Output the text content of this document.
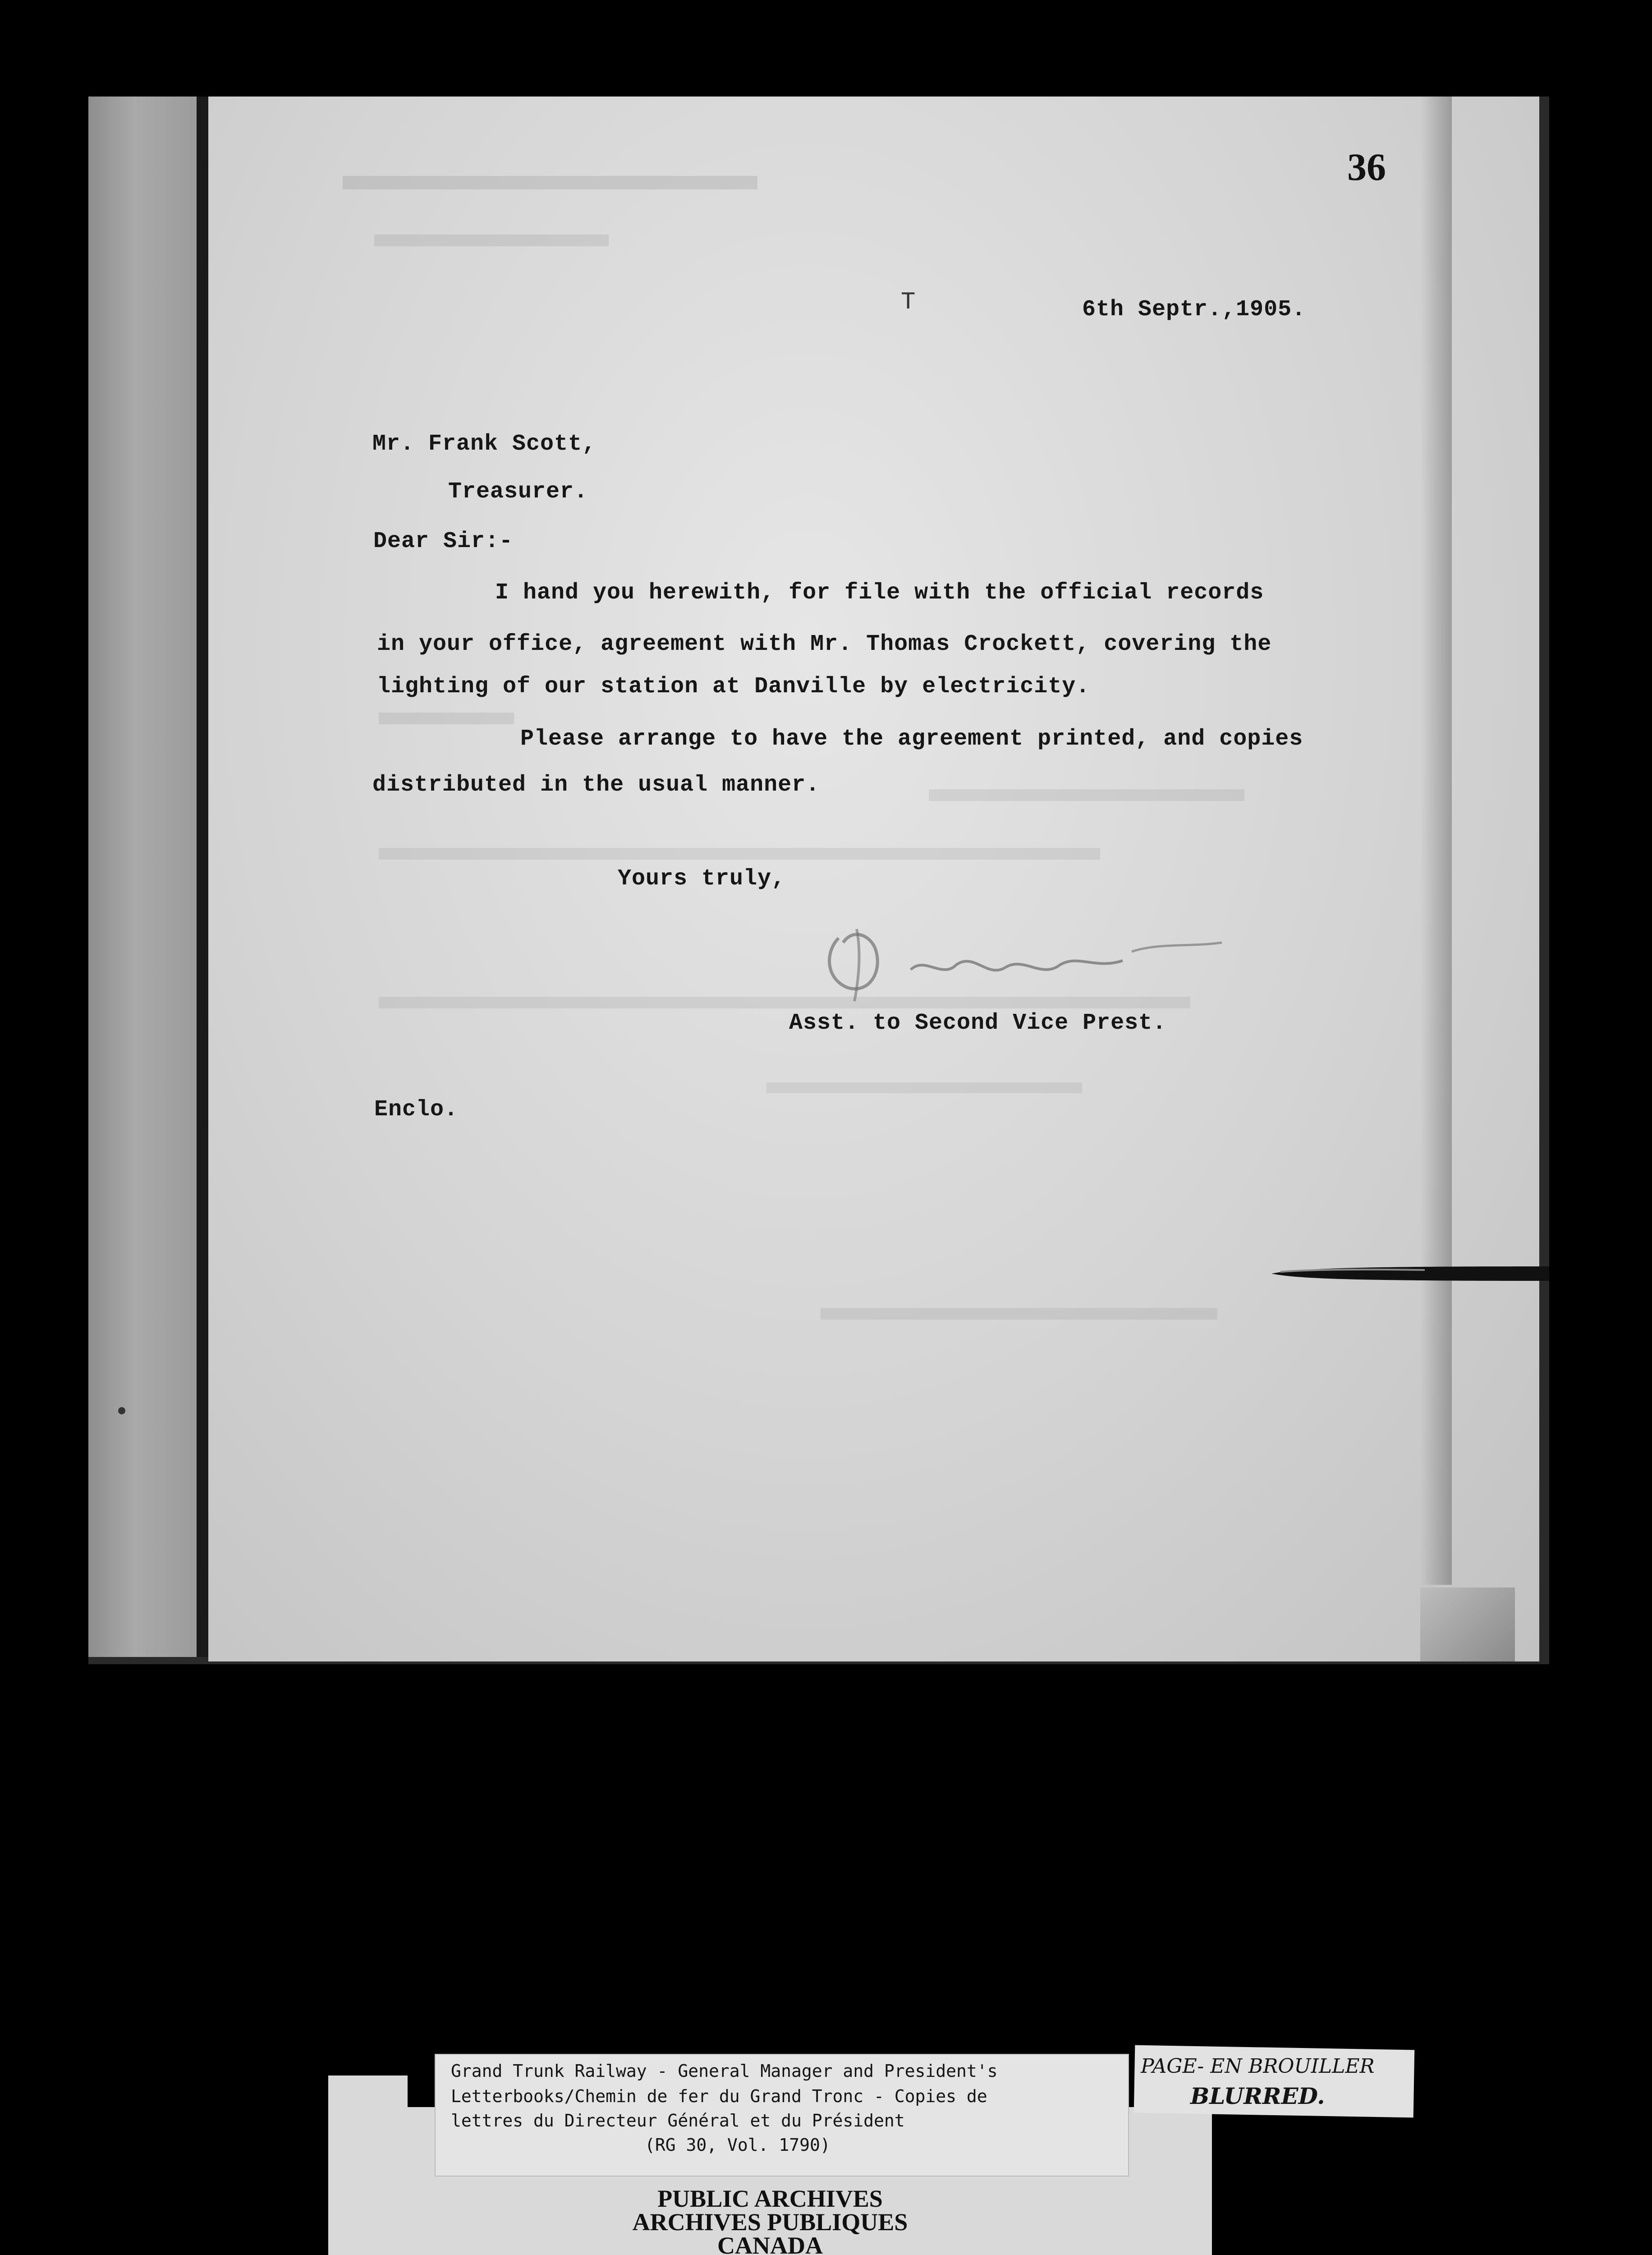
36
T	6th Septr.,1905.
Mr. Frank Scott,
Treasurer.
Dear Sir:-
I hand you herewith, for file with the official records
in your office, agreement with Mr. Thomas Crockett, covering the
lighting of our station at Danville by electricity.
Please arrange to have the agreement printed, and copies
distributed in the usual manner.
Yours truly,
Asst. to Second Vice Prest.
Enclo.
Grand Trunk Railway - General Manager and President's
Letterbooks/Chemin de fer du Grand Tronc - Copies de
lettres du Directeur Général et du Président
(RG 30, Vol. 1790)
PUBLIC ARCHIVES
ARCHIVES PUBLIQUES
CANADA
PAGE- EN BROUILLER
BLURRED.
